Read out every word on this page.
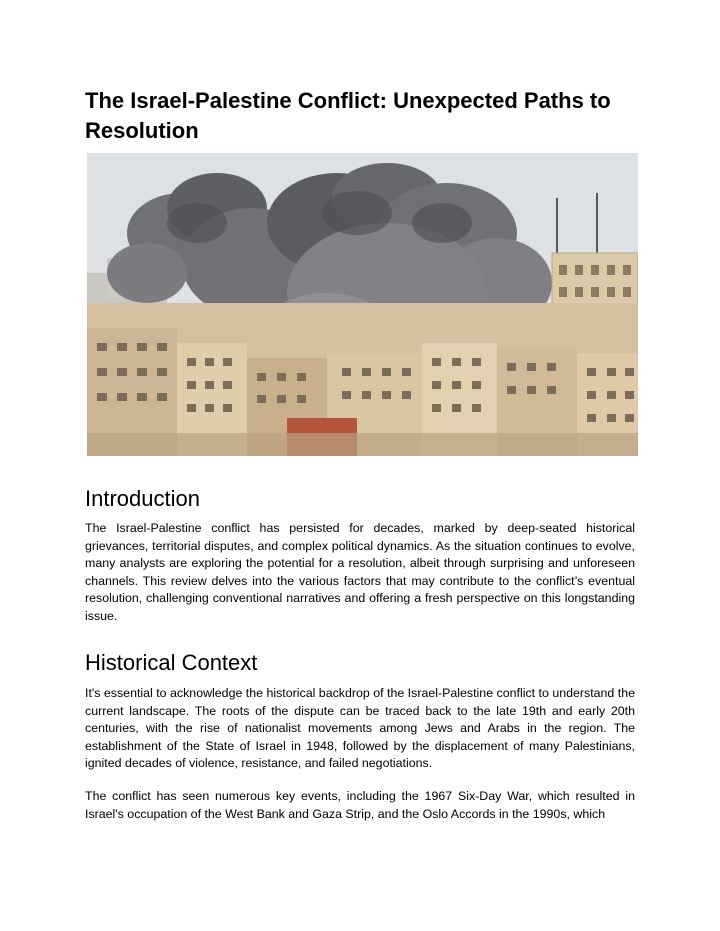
The Israel-Palestine Conflict: Unexpected Paths to Resolution
Introduction

The Israel-Palestine conflict has persisted for decades, marked by deep-seated historical grievances, territorial disputes, and complex political dynamics. As the situation continues to evolve, many analysts are exploring the potential for a resolution, albeit through surprising and unforeseen channels. This review delves into the various factors that may contribute to the conflict’s eventual resolution, challenging conventional narratives and offering a fresh perspective on this longstanding issue.

Historical Context

It's essential to acknowledge the historical backdrop of the Israel-Palestine conflict to understand the current landscape. The roots of the dispute can be traced back to the late 19th and early 20th centuries, with the rise of nationalist movements among Jews and Arabs in the region. The establishment of the State of Israel in 1948, followed by the displacement of many Palestinians, ignited decades of violence, resistance, and failed negotiations.

The conflict has seen numerous key events, including the 1967 Six-Day War, which resulted in Israel's occupation of the West Bank and Gaza Strip, and the Oslo Accords in the 1990s, which
